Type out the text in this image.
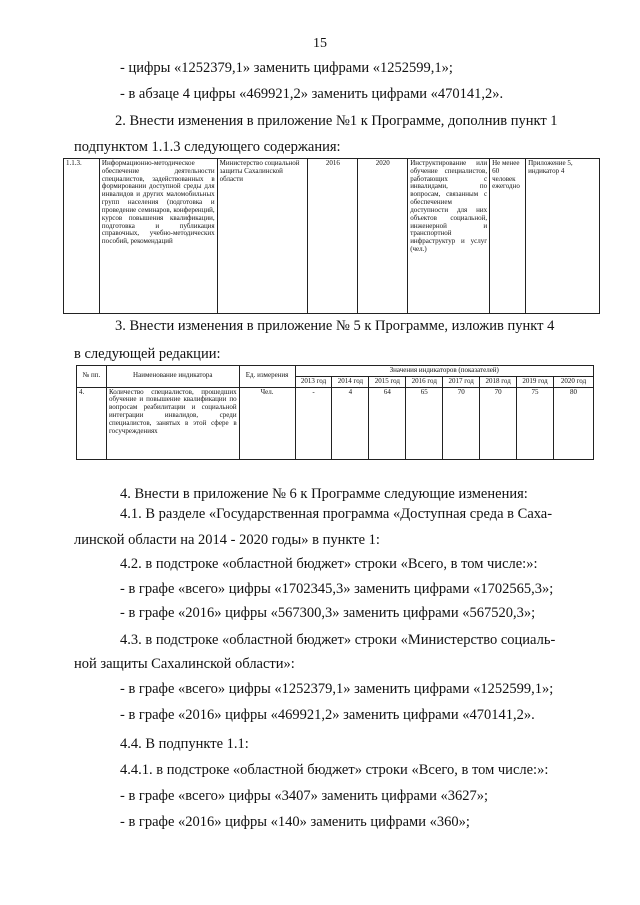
15
- цифры «1252379,1» заменить цифрами «1252599,1»;
- в абзаце 4 цифры «469921,2» заменить цифрами «470141,2».
2. Внести изменения в приложение №1 к Программе, дополнив пункт 1
подпунктом 1.1.3 следующего содержания:
1.1.3.	Информационно-методическое обеспечение деятельности специалистов, задействованных в формировании доступной среды для инвалидов и других маломобильных групп населения (подготовка и проведение семинаров, конференций, курсов повышения квалификации, подготовка и публикация справочных, учебно-методических пособий, рекомендаций	Министерство социальной защиты Сахалинской области	2016	2020	Инструктирование или обучение специалистов, работающих с инвалидами, по вопросам, связанным с обеспечением доступности для них объектов социальной, инженерной и транспортной инфраструктур и услуг (чел.)	Не менее 60 человек ежегодно	Приложение 5, индикатор 4
3. Внести изменения в приложение № 5 к Программе, изложив пункт 4
в следующей редакции:
№ пп.	Наименование индикатора	Ед. измерения	Значения индикаторов (показателей)							
			2013 год	2014 год	2015 год	2016 год	2017 год	2018 год	2019 год	2020 год
4.	Количество специалистов, прошедших обучение и повышение квалификации по вопросам реабилитации и социальной интеграции инвалидов, среди специалистов, занятых в этой сфере в госучреждениях	Чел.	-	4	64	65	70	70	75	80
4. Внести в приложение № 6 к Программе следующие изменения:
4.1. В разделе «Государственная программа «Доступная среда в Саха-
линской области на 2014 - 2020 годы» в пункте 1:
4.2. в подстроке «областной бюджет» строки «Всего, в том числе:»:
- в графе «всего» цифры «1702345,3» заменить цифрами «1702565,3»;
- в графе «2016» цифры «567300,3» заменить цифрами «567520,3»;
4.3. в подстроке «областной бюджет» строки «Министерство социаль-
ной защиты Сахалинской области»:
- в графе «всего» цифры «1252379,1» заменить цифрами «1252599,1»;
- в графе «2016» цифры «469921,2» заменить цифрами «470141,2».
4.4. В подпункте 1.1:
4.4.1. в подстроке «областной бюджет» строки «Всего, в том числе:»:
- в графе «всего» цифры «3407» заменить цифрами «3627»;
- в графе «2016» цифры «140» заменить цифрами «360»;
